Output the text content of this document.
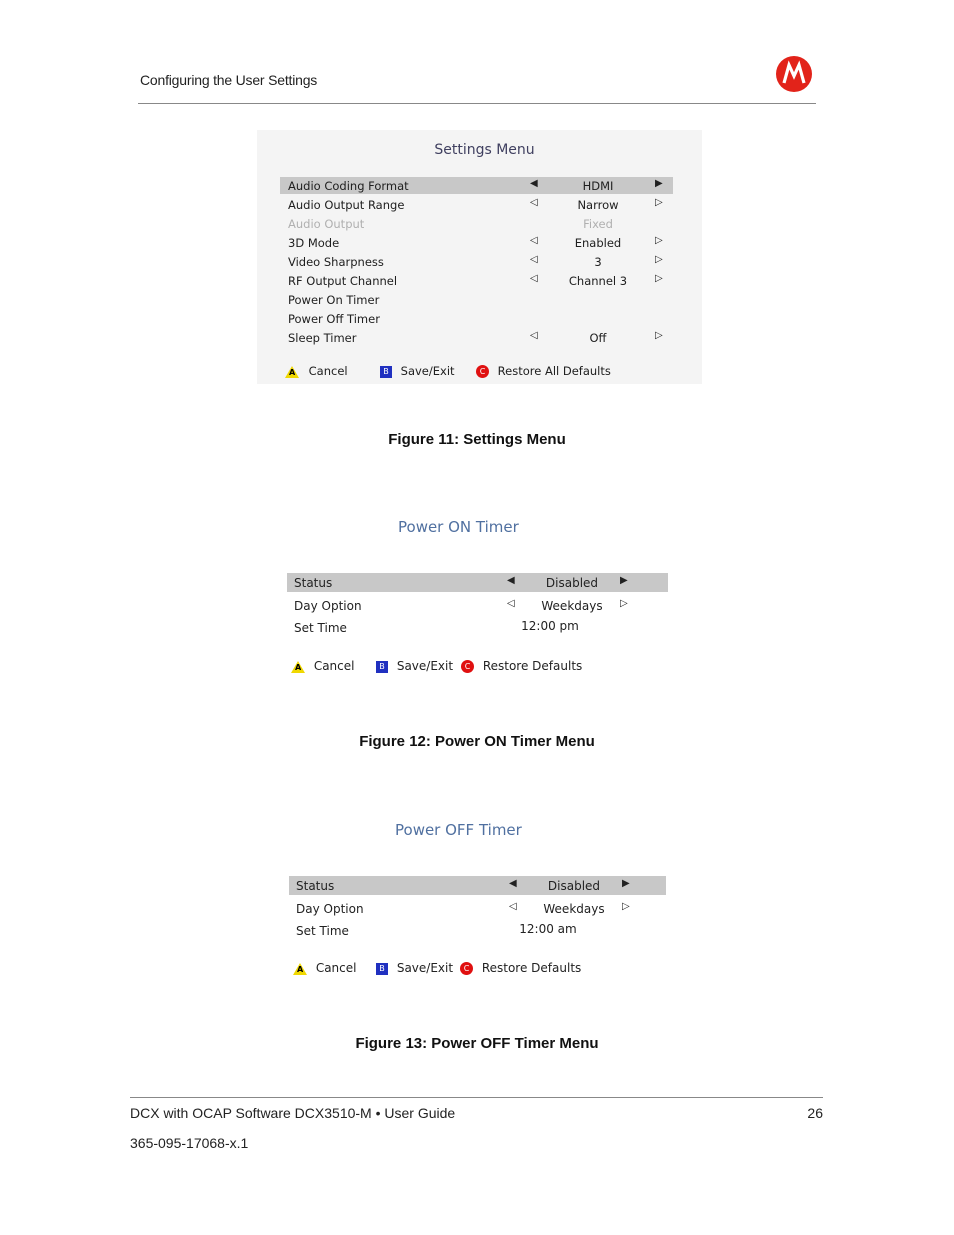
Configuring the User Settings
Settings Menu
Audio Coding Format	◀	HDMI	▶
Audio Output Range	◁	Narrow	▷
Audio Output	Fixed
3D Mode	◁	Enabled	▷
Video Sharpness	◁	3	▷
RF Output Channel	◁	Channel 3	▷
Power On Timer
Power Off Timer
Sleep Timer	◁	Off	▷
A Cancel	B Save/Exit	C Restore All Defaults
Figure 11: Settings Menu
Power ON Timer
Status	◀	Disabled	▶
Day Option	◁	Weekdays	▷
Set Time	12:00 pm
A Cancel	B Save/Exit	C Restore Defaults
Figure 12: Power ON Timer Menu
Power OFF Timer
Status	◀	Disabled	▶
Day Option	◁	Weekdays	▷
Set Time	12:00 am
A Cancel	B Save/Exit	C Restore Defaults
Figure 13: Power OFF Timer Menu
DCX with OCAP Software DCX3510-M • User Guide	26
365-095-17068-x.1
